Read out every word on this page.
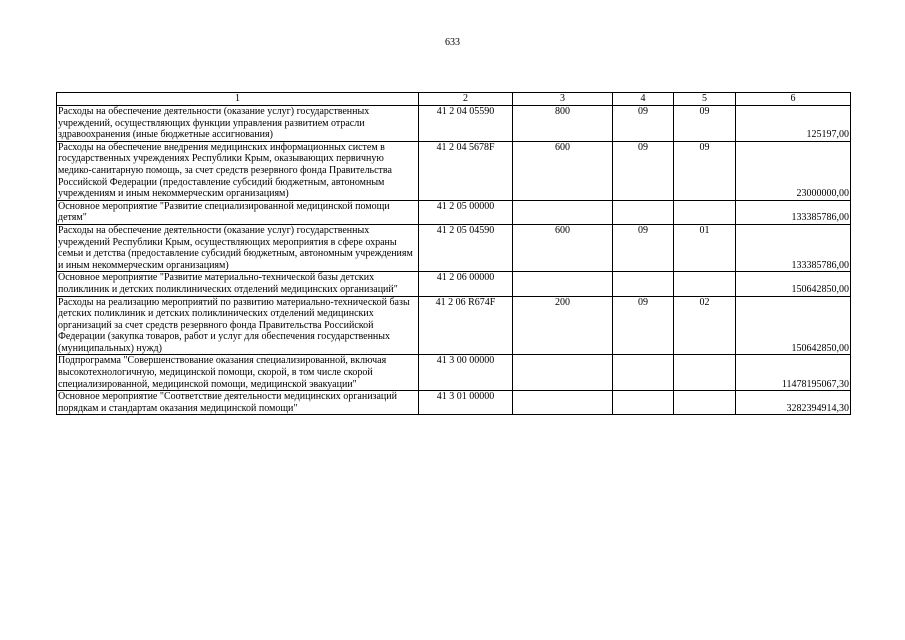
633
1	2	3	4	5	6
Расходы на обеспечение деятельности (оказание услуг) государственных учреждений, осуществляющих функции управления развитием отрасли здравоохранения (иные бюджетные ассигнования)	41 2 04 05590	800	09	09	125197,00
Расходы на обеспечение внедрения медицинских информационных систем в государственных учреждениях Республики Крым, оказывающих первичную медико-санитарную помощь, за счет средств резервного фонда Правительства Российской Федерации (предоставление субсидий бюджетным, автономным учреждениям и иным некоммерческим организациям)	41 2 04 5678F	600	09	09	23000000,00
Основное мероприятие "Развитие специализированной медицинской помощи детям"	41 2 05 00000				133385786,00
Расходы на обеспечение деятельности (оказание услуг) государственных учреждений Республики Крым, осуществляющих мероприятия в сфере охраны семьи и детства (предоставление субсидий бюджетным, автономным учреждениям и иным некоммерческим организациям)	41 2 05 04590	600	09	01	133385786,00
Основное мероприятие "Развитие материально-технической базы детских поликлиник и детских поликлинических отделений медицинских организаций"	41 2 06 00000				150642850,00
Расходы на реализацию мероприятий по развитию материально-технической базы детских поликлиник и детских поликлинических отделений медицинских организаций за счет средств резервного фонда Правительства Российской Федерации (закупка товаров, работ и услуг для обеспечения государственных (муниципальных) нужд)	41 2 06 R674F	200	09	02	150642850,00
Подпрограмма "Совершенствование оказания специализированной, включая высокотехнологичную, медицинской помощи, скорой, в том числе скорой специализированной, медицинской помощи, медицинской эвакуации"	41 3 00 00000				11478195067,30
Основное мероприятие "Соответствие деятельности медицинских организаций порядкам и стандартам оказания медицинской помощи"	41 3 01 00000				3282394914,30
